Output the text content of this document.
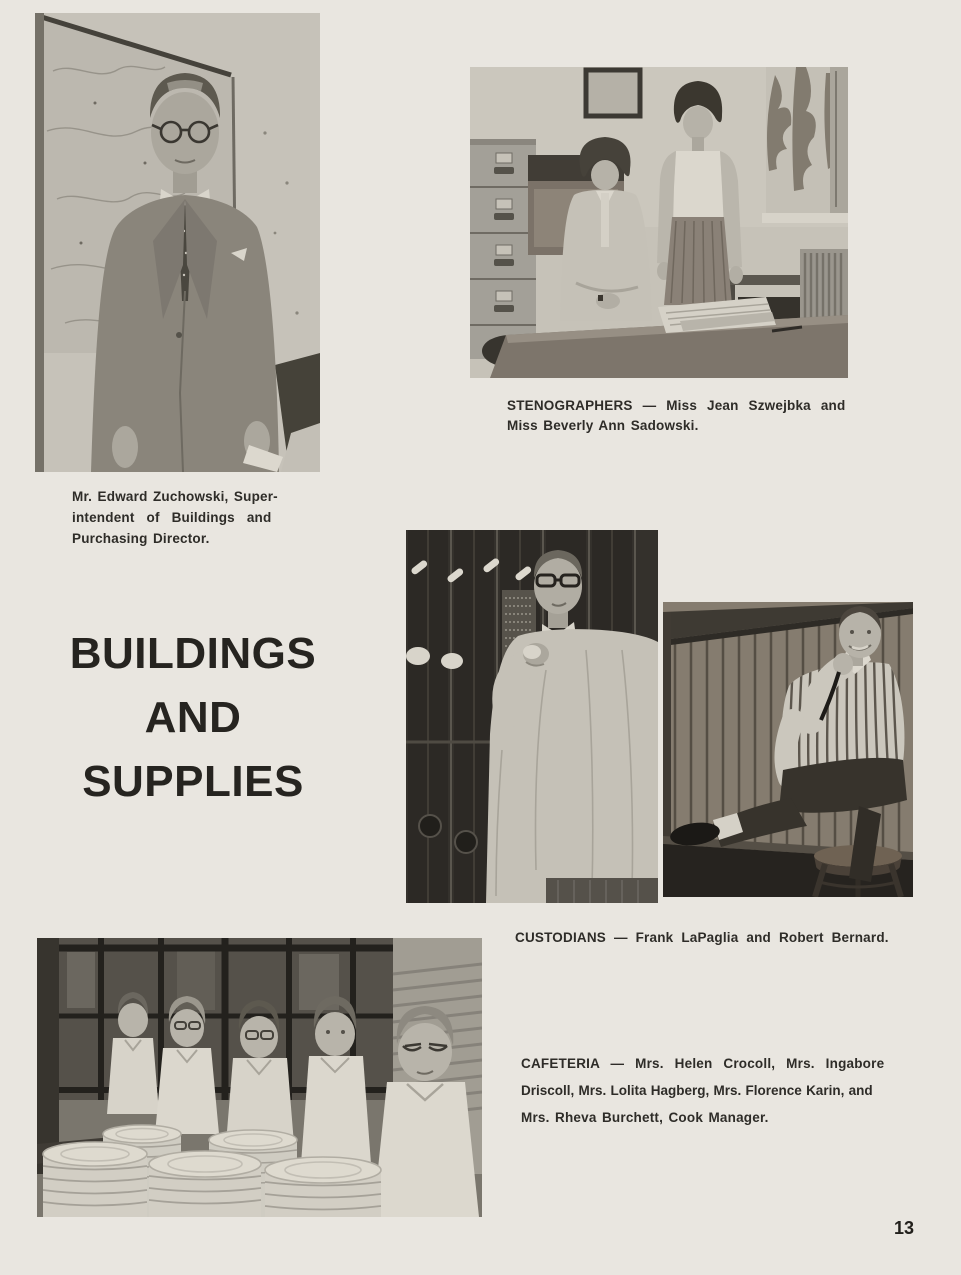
Mr. Edward Zuchowski, Super-
intendent of Buildings and
Purchasing Director.
STENOGRAPHERS — Miss Jean Szwejbka and
Miss Beverly Ann Sadowski.
BUILDINGS
AND
SUPPLIES
CUSTODIANS — Frank LaPaglia and Robert Bernard.
CAFETERIA — Mrs. Helen Crocoll, Mrs. Ingabore
Driscoll, Mrs. Lolita Hagberg, Mrs. Florence Karin, and
Mrs. Rheva Burchett, Cook Manager.
13
